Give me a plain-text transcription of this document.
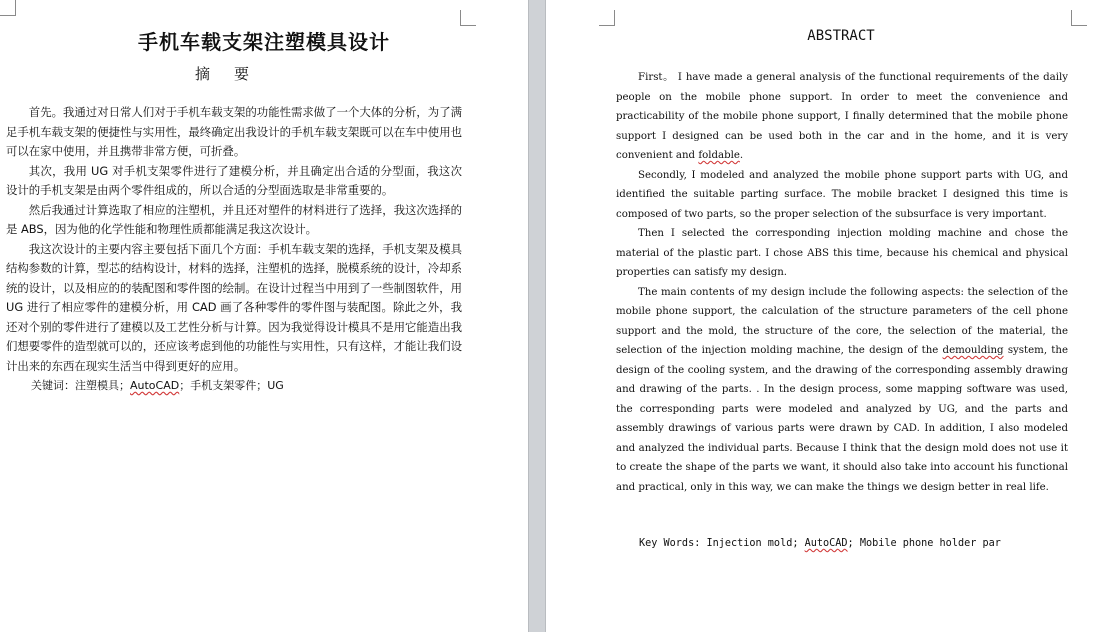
手机车载支架注塑模具设计
摘要

首先。我通过对日常人们对于手机车载支架的功能性需求做了一个大体的分析，为了满足手机车载支架的便捷性与实用性，最终确定出我设计的手机车载支架既可以在车中使用也可以在家中使用，并且携带非常方便，可折叠。

其次，我用 UG 对手机支架零件进行了建模分析，并且确定出合适的分型面，我这次设计的手机支架是由两个零件组成的，所以合适的分型面选取是非常重要的。

然后我通过计算选取了相应的注塑机，并且还对塑件的材料进行了选择，我这次选择的是 ABS，因为他的化学性能和物理性质都能满足我这次设计。

我这次设计的主要内容主要包括下面几个方面：手机车载支架的选择，手机支架及模具结构参数的计算，型芯的结构设计，材料的选择，注塑机的选择，脱模系统的设计，冷却系统的设计，以及相应的的装配图和零件图的绘制。在设计过程当中用到了一些制图软件，用 UG 进行了相应零件的建模分析，用 CAD 画了各种零件的零件图与装配图。除此之外，我还对个别的零件进行了建模以及工艺性分析与计算。因为我觉得设计模具不是用它能造出我们想要零件的造型就可以的，还应该考虑到他的功能性与实用性，只有这样，才能让我们设计出来的东西在现实生活当中得到更好的应用。

关键词：注塑模具；AutoCAD；手机支架零件；UG
ABSTRACT

First。 I have made a general analysis of the functional requirements of the daily people on the mobile phone support. In order to meet the convenience and practicability of the mobile phone support, I finally determined that the mobile phone support I designed can be used both in the car and in the home, and it is very convenient and foldable.

Secondly, I modeled and analyzed the mobile phone support parts with UG, and identified the suitable parting surface. The mobile bracket I designed this time is composed of two parts, so the proper selection of the subsurface is very important.

Then I selected the corresponding injection molding machine and chose the material of the plastic part. I chose ABS this time, because his chemical and physical properties can satisfy my design.

The main contents of my design include the following aspects: the selection of the mobile phone support, the calculation of the structure parameters of the cell phone support and the mold, the structure of the core, the selection of the material, the selection of the injection molding machine, the design of the demoulding system, the design of the cooling system, and the drawing of the corresponding assembly drawing and drawing of the parts. . In the design process, some mapping software was used, the corresponding parts were modeled and analyzed by UG, and the parts and assembly drawings of various parts were drawn by CAD. In addition, I also modeled and analyzed the individual parts. Because I think that the design mold does not use it to create the shape of the parts we want, it should also take into account his functional and practical, only in this way, we can make the things we design better in real life.

Key Words: Injection mold; AutoCAD; Mobile phone holder par
